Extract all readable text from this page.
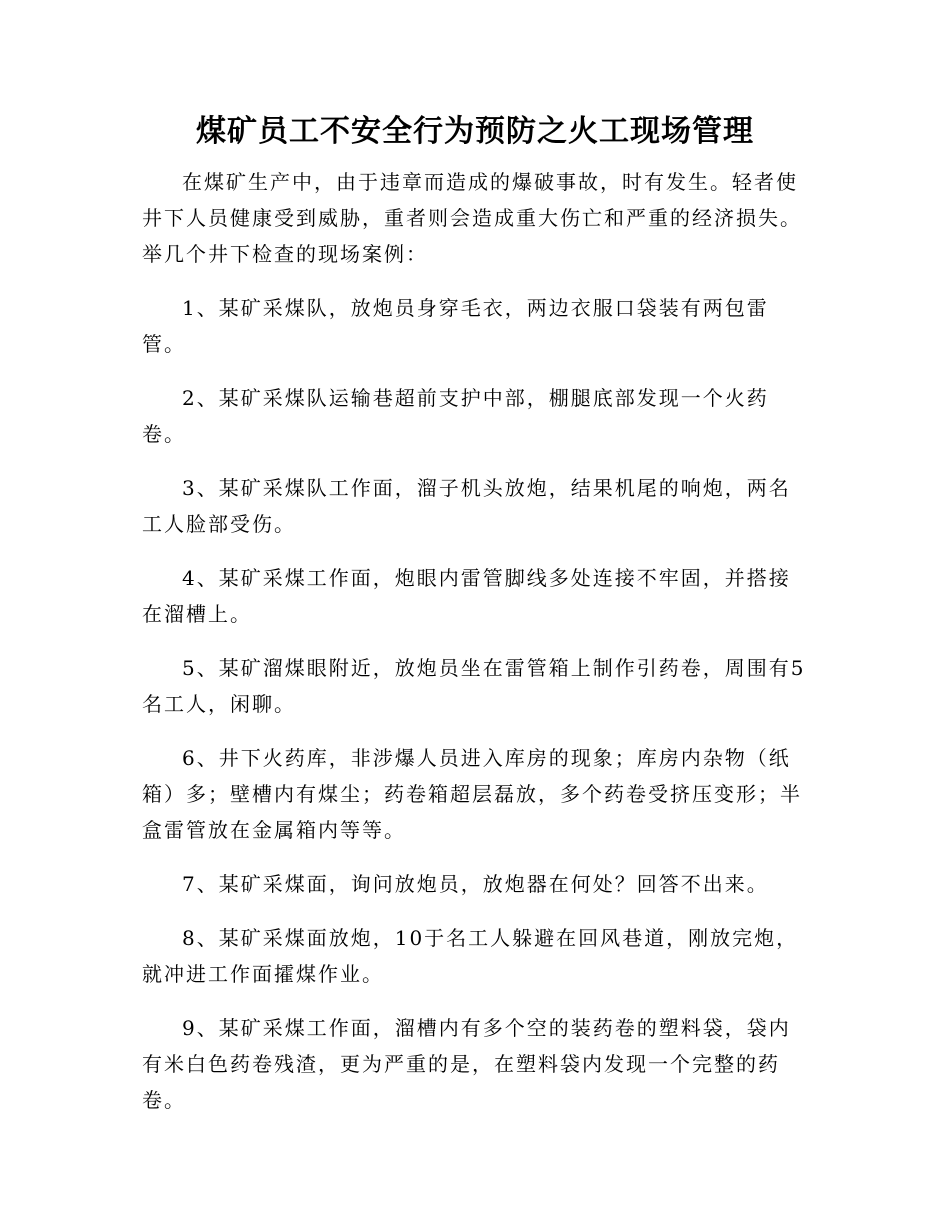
煤矿员工不安全行为预防之火工现场管理

在煤矿生产中，由于违章而造成的爆破事故，时有发生。轻者使井下人员健康受到威胁，重者则会造成重大伤亡和严重的经济损失。举几个井下检查的现场案例：

1、某矿采煤队，放炮员身穿毛衣，两边衣服口袋装有两包雷管。

2、某矿采煤队运输巷超前支护中部，棚腿底部发现一个火药卷。

3、某矿采煤队工作面，溜子机头放炮，结果机尾的响炮，两名工人脸部受伤。

4、某矿采煤工作面，炮眼内雷管脚线多处连接不牢固，并搭接在溜槽上。

5、某矿溜煤眼附近，放炮员坐在雷管箱上制作引药卷，周围有5名工人，闲聊。

6、井下火药库，非涉爆人员进入库房的现象；库房内杂物（纸箱）多；壁槽内有煤尘；药卷箱超层磊放，多个药卷受挤压变形；半盒雷管放在金属箱内等等。

7、某矿采煤面，询问放炮员，放炮器在何处？回答不出来。

8、某矿采煤面放炮，10于名工人躲避在回风巷道，刚放完炮，就冲进工作面攉煤作业。

9、某矿采煤工作面，溜槽内有多个空的装药卷的塑料袋，袋内有米白色药卷残渣，更为严重的是，在塑料袋内发现一个完整的药卷。
